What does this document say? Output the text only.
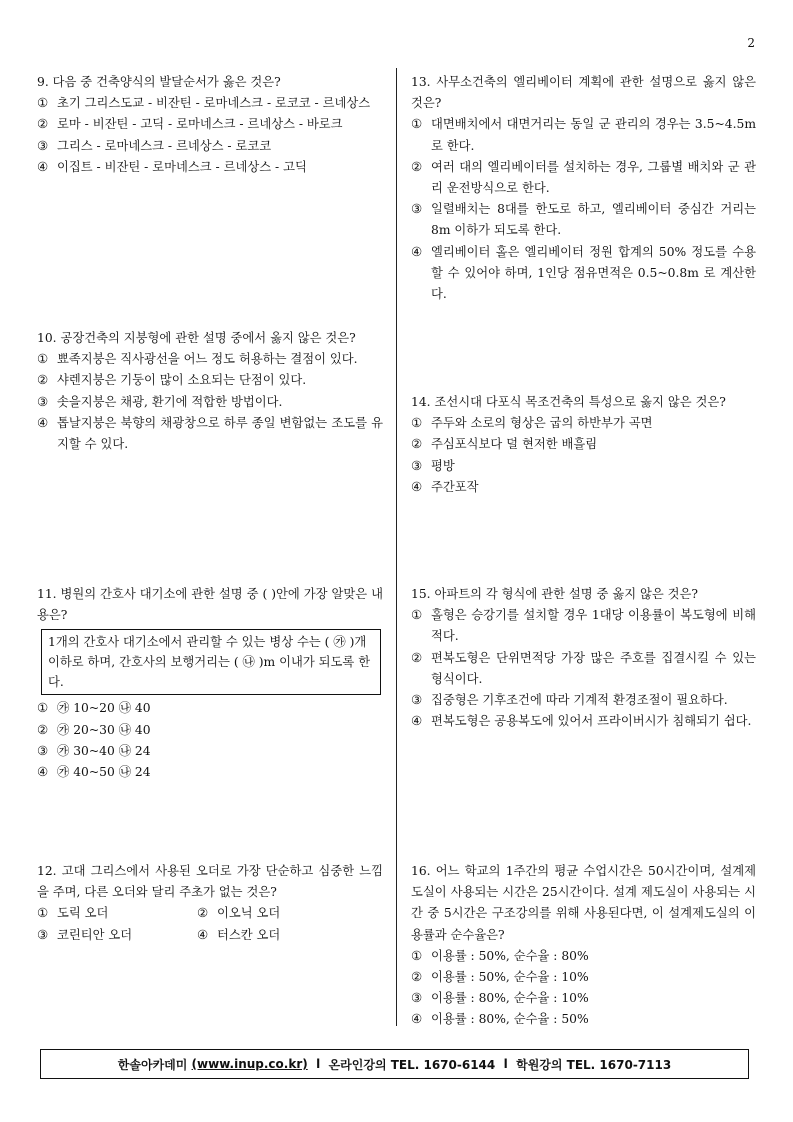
2
9. 다음 중 건축양식의 발달순서가 옳은 것은?
① 초기 그리스도교 - 비잔틴 - 로마네스크 - 로코코 - 르네상스
② 로마 - 비잔틴 - 고딕 - 로마네스크 - 르네상스 - 바로크
③ 그리스 - 로마네스크 - 르네상스 - 로코코
④ 이집트 - 비잔틴 - 로마네스크 - 르네상스 - 고딕
10. 공장건축의 지붕형에 관한 설명 중에서 옳지 않은 것은?
① 뾰족지붕은 직사광선을 어느 정도 허용하는 결점이 있다.
② 샤렌지붕은 기둥이 많이 소요되는 단점이 있다.
③ 솟을지붕은 채광, 환기에 적합한 방법이다.
④ 톱날지붕은 북향의 채광창으로 하루 종일 변함없는 조도를 유지할 수 있다.
11. 병원의 간호사 대기소에 관한 설명 중 ( )안에 가장 알맞은 내용은?
1개의 간호사 대기소에서 관리할 수 있는 병상 수는 ( ㉮ )개 이하로 하며, 간호사의 보행거리는 ( ㉯ )m 이내가 되도록 한다.
① ㉮ 10~20 ㉯ 40
② ㉮ 20~30 ㉯ 40
③ ㉮ 30~40 ㉯ 24
④ ㉮ 40~50 ㉯ 24
12. 고대 그리스에서 사용된 오더로 가장 단순하고 심중한 느낌을 주며, 다른 오더와 달리 주초가 없는 것은?
① 도릭 오더	② 이오닉 오더
③ 코린티안 오더	④ 터스칸 오더
13. 사무소건축의 엘리베이터 계획에 관한 설명으로 옳지 않은 것은?
① 대면배치에서 대면거리는 동일 군 관리의 경우는 3.5~4.5m로 한다.
② 여러 대의 엘리베이터를 설치하는 경우, 그룹별 배치와 군 관리 운전방식으로 한다.
③ 일렬배치는 8대를 한도로 하고, 엘리베이터 중심간 거리는 8m 이하가 되도록 한다.
④ 엘리베이터 홀은 엘리베이터 정원 합계의 50% 정도를 수용할 수 있어야 하며, 1인당 점유면적은 0.5~0.8m 로 계산한다.
14. 조선시대 다포식 목조건축의 특성으로 옳지 않은 것은?
① 주두와 소로의 형상은 굽의 하반부가 곡면
② 주심포식보다 덜 현저한 배흘림
③ 평방
④ 주간포작
15. 아파트의 각 형식에 관한 설명 중 옳지 않은 것은?
① 홀형은 승강기를 설치할 경우 1대당 이용률이 복도형에 비해 적다.
② 편복도형은 단위면적당 가장 많은 주호를 집결시킬 수 있는 형식이다.
③ 집중형은 기후조건에 따라 기계적 환경조절이 필요하다.
④ 편복도형은 공용복도에 있어서 프라이버시가 침해되기 쉽다.
16. 어느 학교의 1주간의 평균 수업시간은 50시간이며, 설계제도실이 사용되는 시간은 25시간이다. 설계 제도실이 사용되는 시간 중 5시간은 구조강의를 위해 사용된다면, 이 설계제도실의 이용률과 순수율은?
① 이용률 : 50%, 순수율 : 80%
② 이용률 : 50%, 순수율 : 10%
③ 이용률 : 80%, 순수율 : 10%
④ 이용률 : 80%, 순수율 : 50%
한솔아카데미
(www.inup.co.kr)
l
온라인강의 TEL. 1670-6144
l
학원강의 TEL. 1670-7113
